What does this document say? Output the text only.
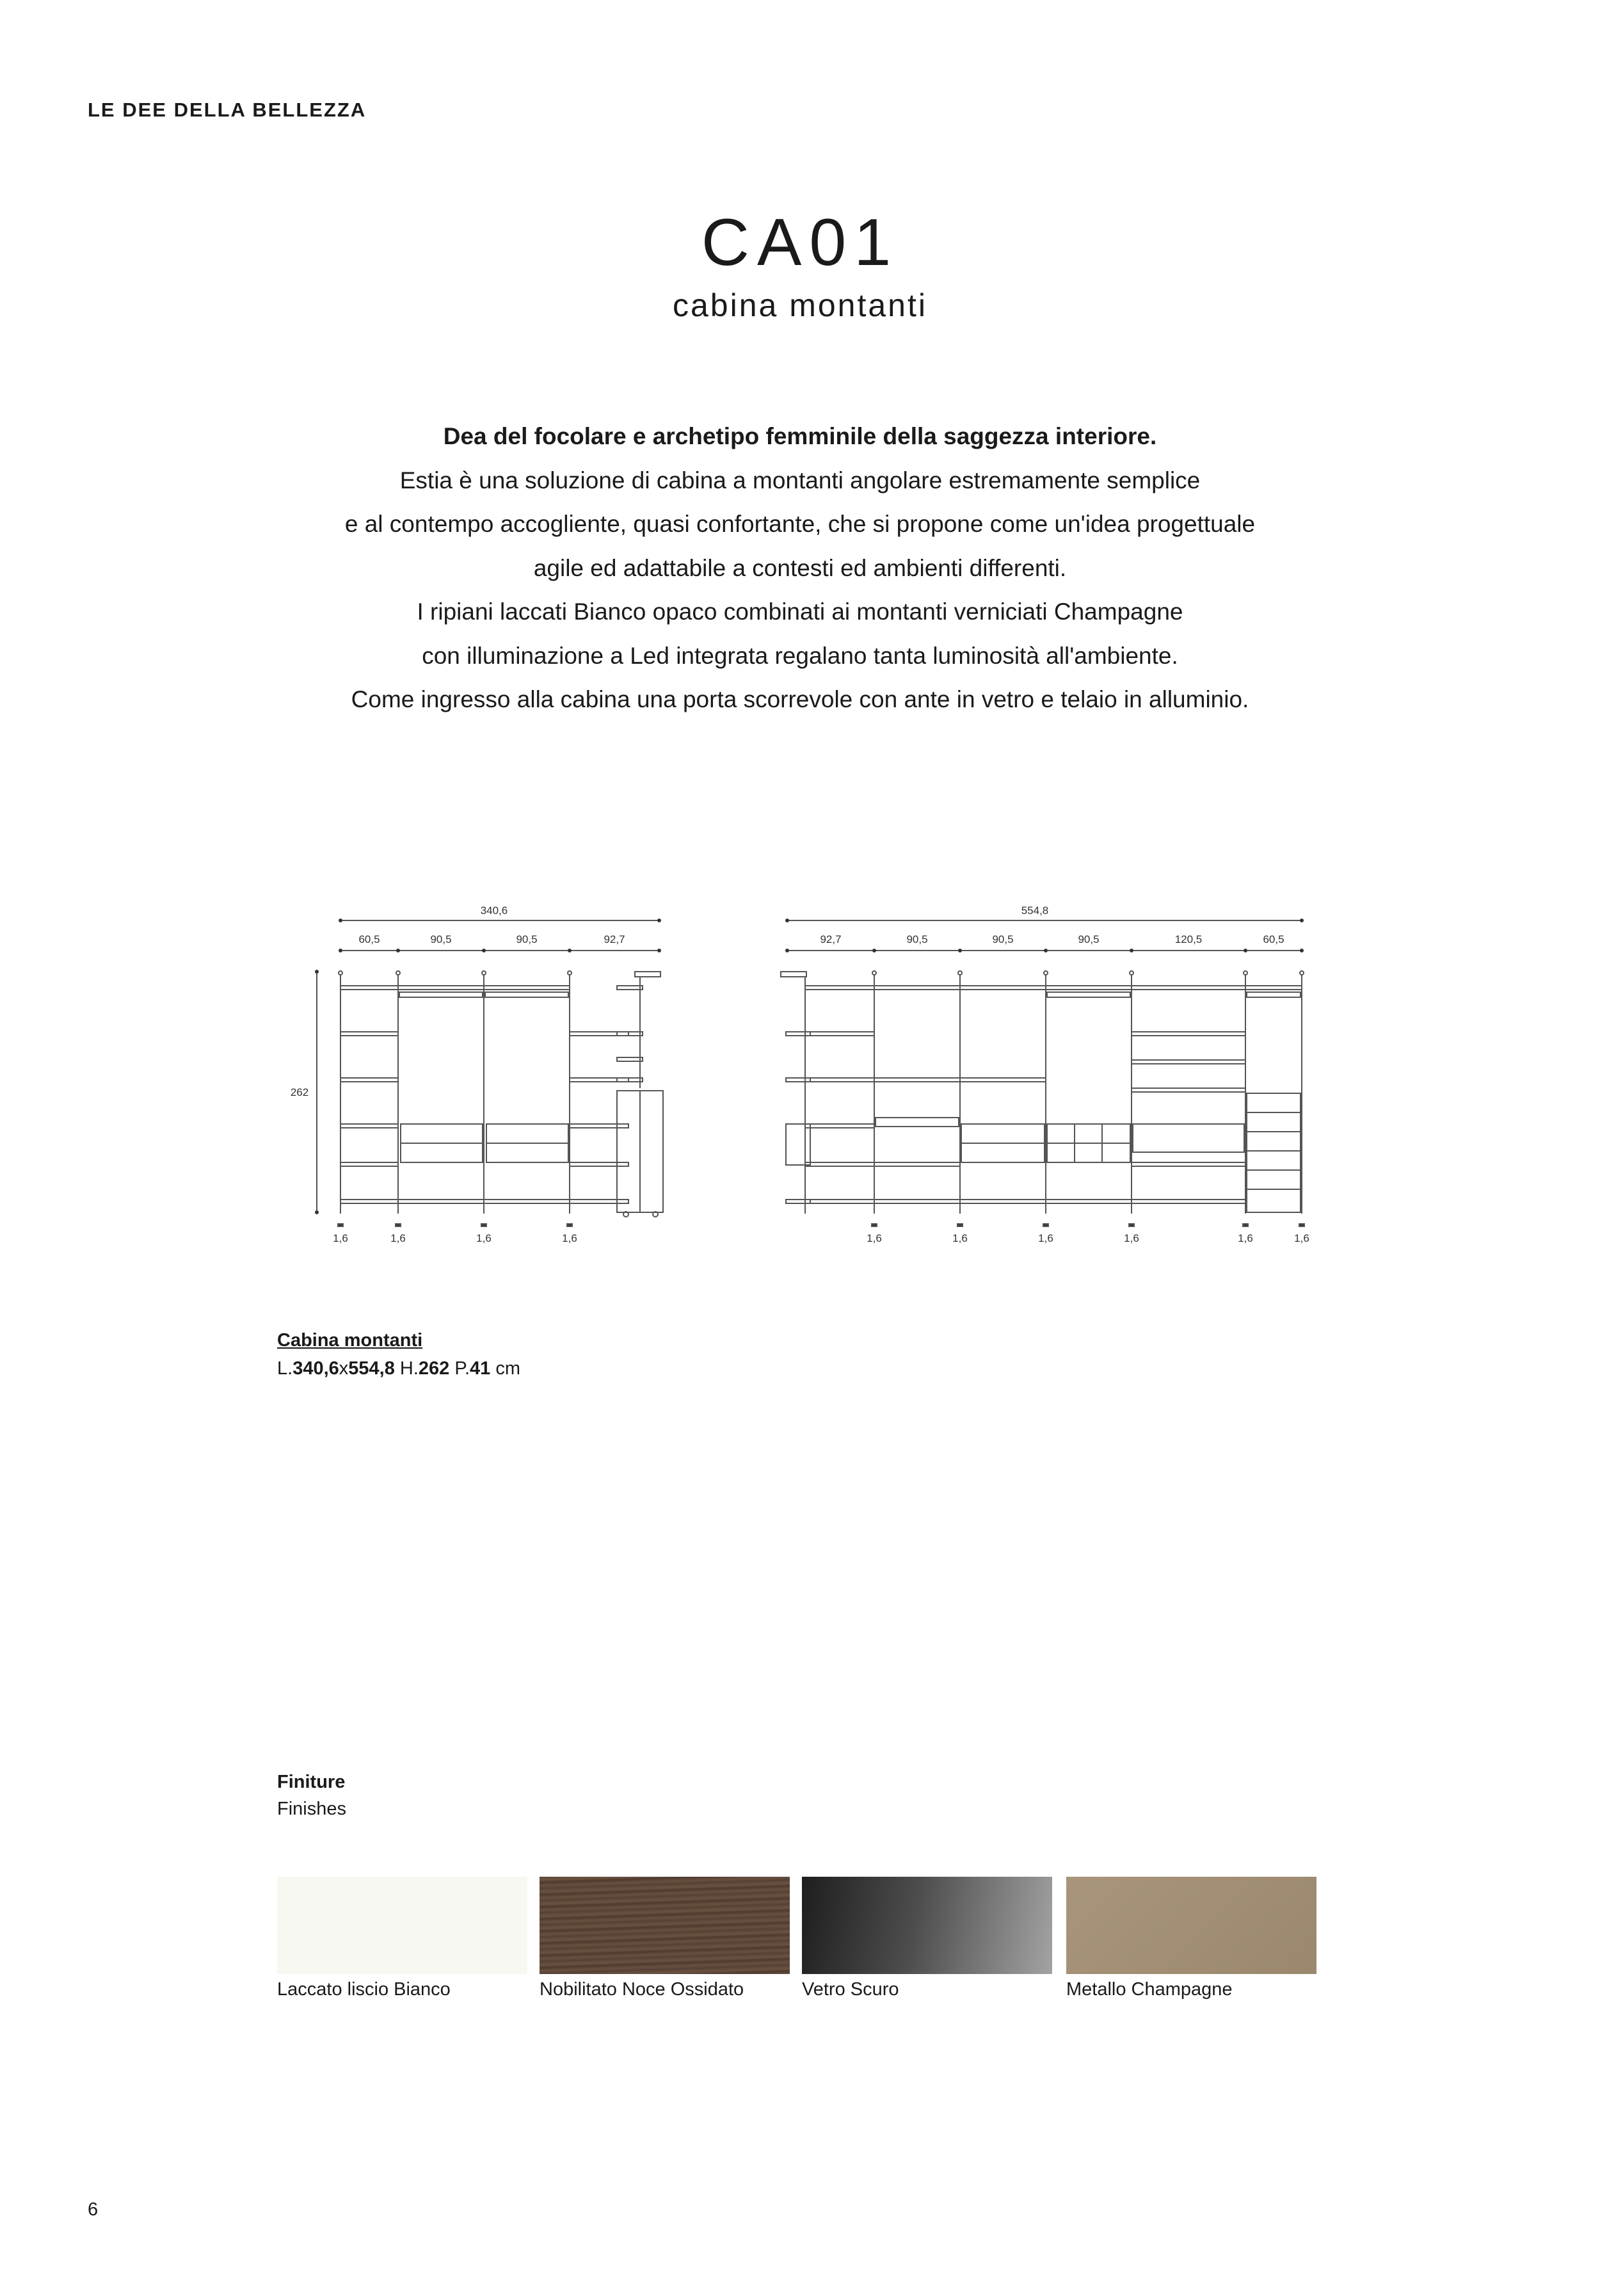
LE DEE DELLA BELLEZZA
CA01
cabina montanti

Dea del focolare e archetipo femminile della saggezza interiore.

Estia è una soluzione di cabina a montanti angolare estremamente semplice

e al contempo accogliente, quasi confortante, che si propone come un'idea progettuale

agile ed adattabile a contesti ed ambienti differenti.

I ripiani laccati Bianco opaco combinati ai montanti verniciati Champagne

con illuminazione a Led integrata regalano tanta luminosità all'ambiente.

Come ingresso alla cabina una porta scorrevole con ante in vetro e telaio in alluminio.

340,6
60,5	90,5	90,5	92,7
262
1,6	1,6	1,6	1,6
554,8
92,7	90,5	90,5	90,5	120,5	60,5
1,6	1,6	1,6	1,6	1,6	1,6
Cabina montanti
L.340,6x554,8 H.262 P.41 cm
Finiture
Finishes
Laccato liscio Bianco	Nobilitato Noce Ossidato	Vetro Scuro	Metallo Champagne
6
